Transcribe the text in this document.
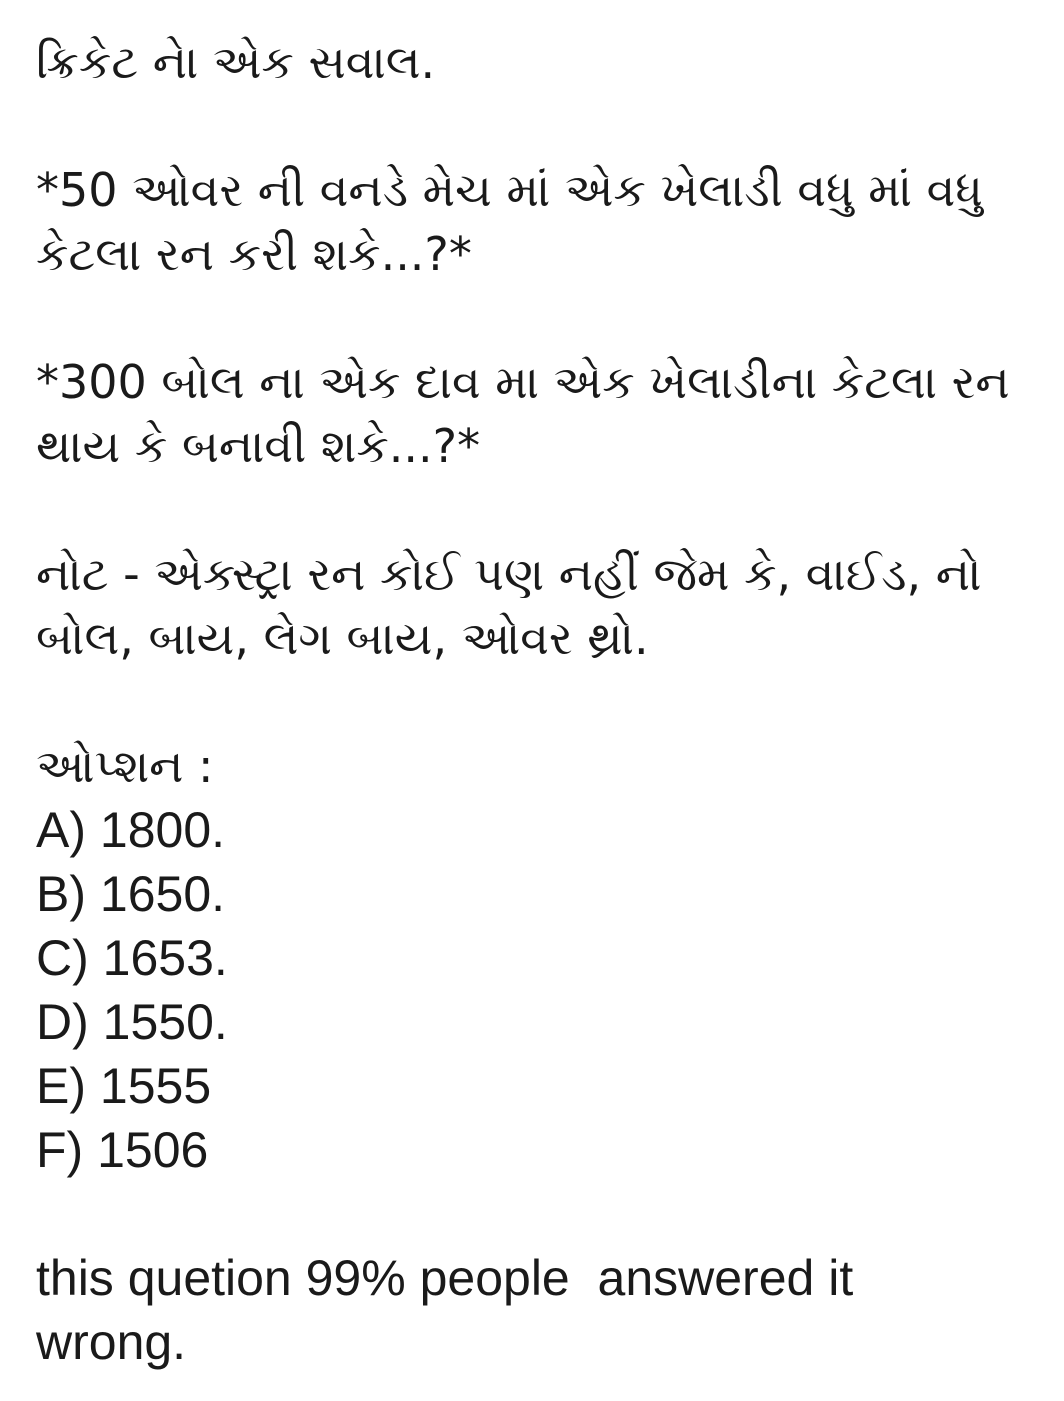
ક્રિકેટ નેા એક સવાલ.

*50 ઓવર ની વનડે મેચ માં એક ખેલાડી વધુ માં વધુ

કેટલા રન કરી શકે...?*

*300 બોલ ના એક દાવ મા એક ખેલાડીના કેટલા રન

થાય કે બનાવી શકે...?*

નોટ - એક્સ્ટ્રા રન કોઈ પણ નહીં જેમ કે, વાઈડ, નો

બોલ, બાય, લેગ બાય, ઓવર થ્રો.

ઓપ્શન :

A) 1800.
B) 1650.
C) 1653.
D) 1550.
E) 1555
F) 1506

this quetion 99% people  answered it

wrong.
